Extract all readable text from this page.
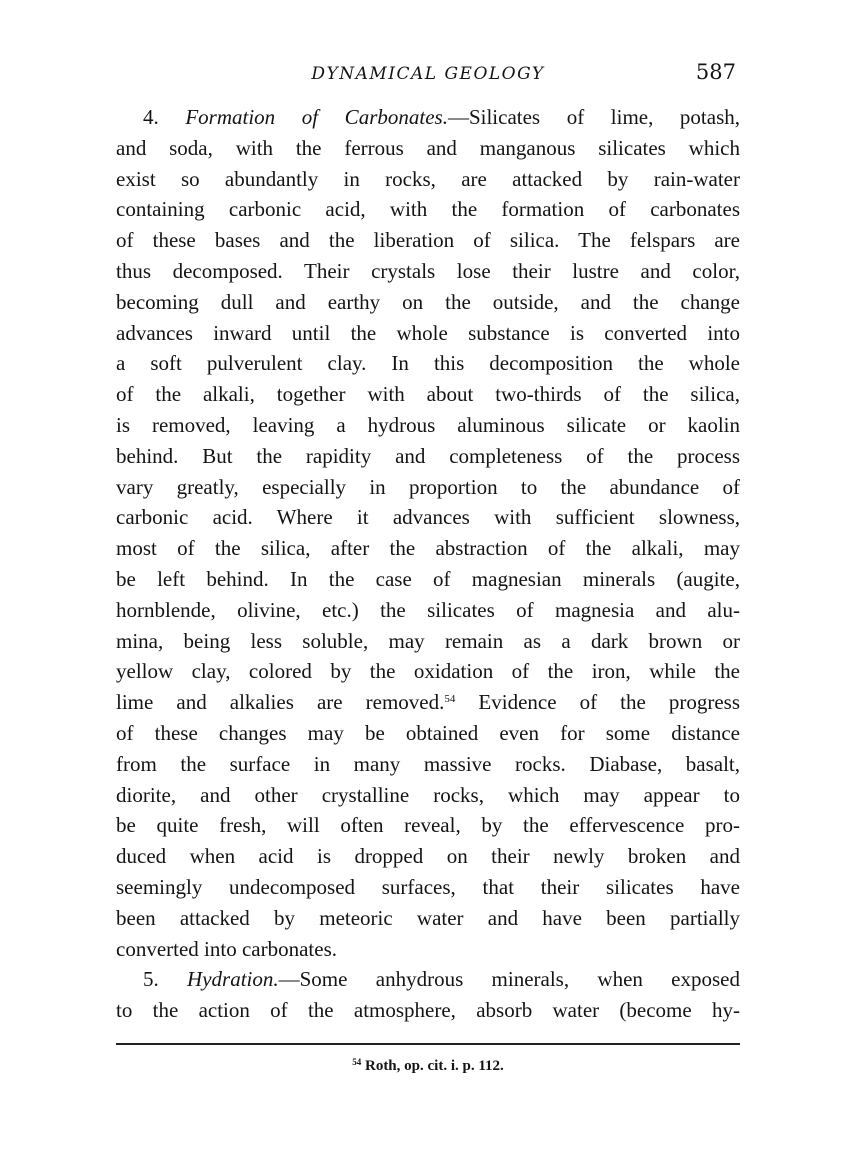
DYNAMICAL GEOLOGY	587
4. Formation of Carbonates.—Silicates of lime, potash,
and soda, with the ferrous and manganous silicates which
exist so abundantly in rocks, are attacked by rain-water
containing carbonic acid, with the formation of carbonates
of these bases and the liberation of silica. The felspars are
thus decomposed. Their crystals lose their lustre and color,
becoming dull and earthy on the outside, and the change
advances inward until the whole substance is converted into
a soft pulverulent clay. In this decomposition the whole
of the alkali, together with about two-thirds of the silica,
is removed, leaving a hydrous aluminous silicate or kaolin
behind. But the rapidity and completeness of the process
vary greatly, especially in proportion to the abundance of
carbonic acid. Where it advances with sufficient slowness,
most of the silica, after the abstraction of the alkali, may
be left behind. In the case of magnesian minerals (augite,
hornblende, olivine, etc.) the silicates of magnesia and alu-
mina, being less soluble, may remain as a dark brown or
yellow clay, colored by the oxidation of the iron, while the
lime and alkalies are removed.$^{54}$ Evidence of the progress
of these changes may be obtained even for some distance
from the surface in many massive rocks. Diabase, basalt,
diorite, and other crystalline rocks, which may appear to
be quite fresh, will often reveal, by the effervescence pro-
duced when acid is dropped on their newly broken and
seemingly undecomposed surfaces, that their silicates have
been attacked by meteoric water and have been partially
converted into carbonates.
5. Hydration.—Some anhydrous minerals, when exposed
to the action of the atmosphere, absorb water (become hy-
$^{54}$ Roth, op. cit. i. p. 112.
